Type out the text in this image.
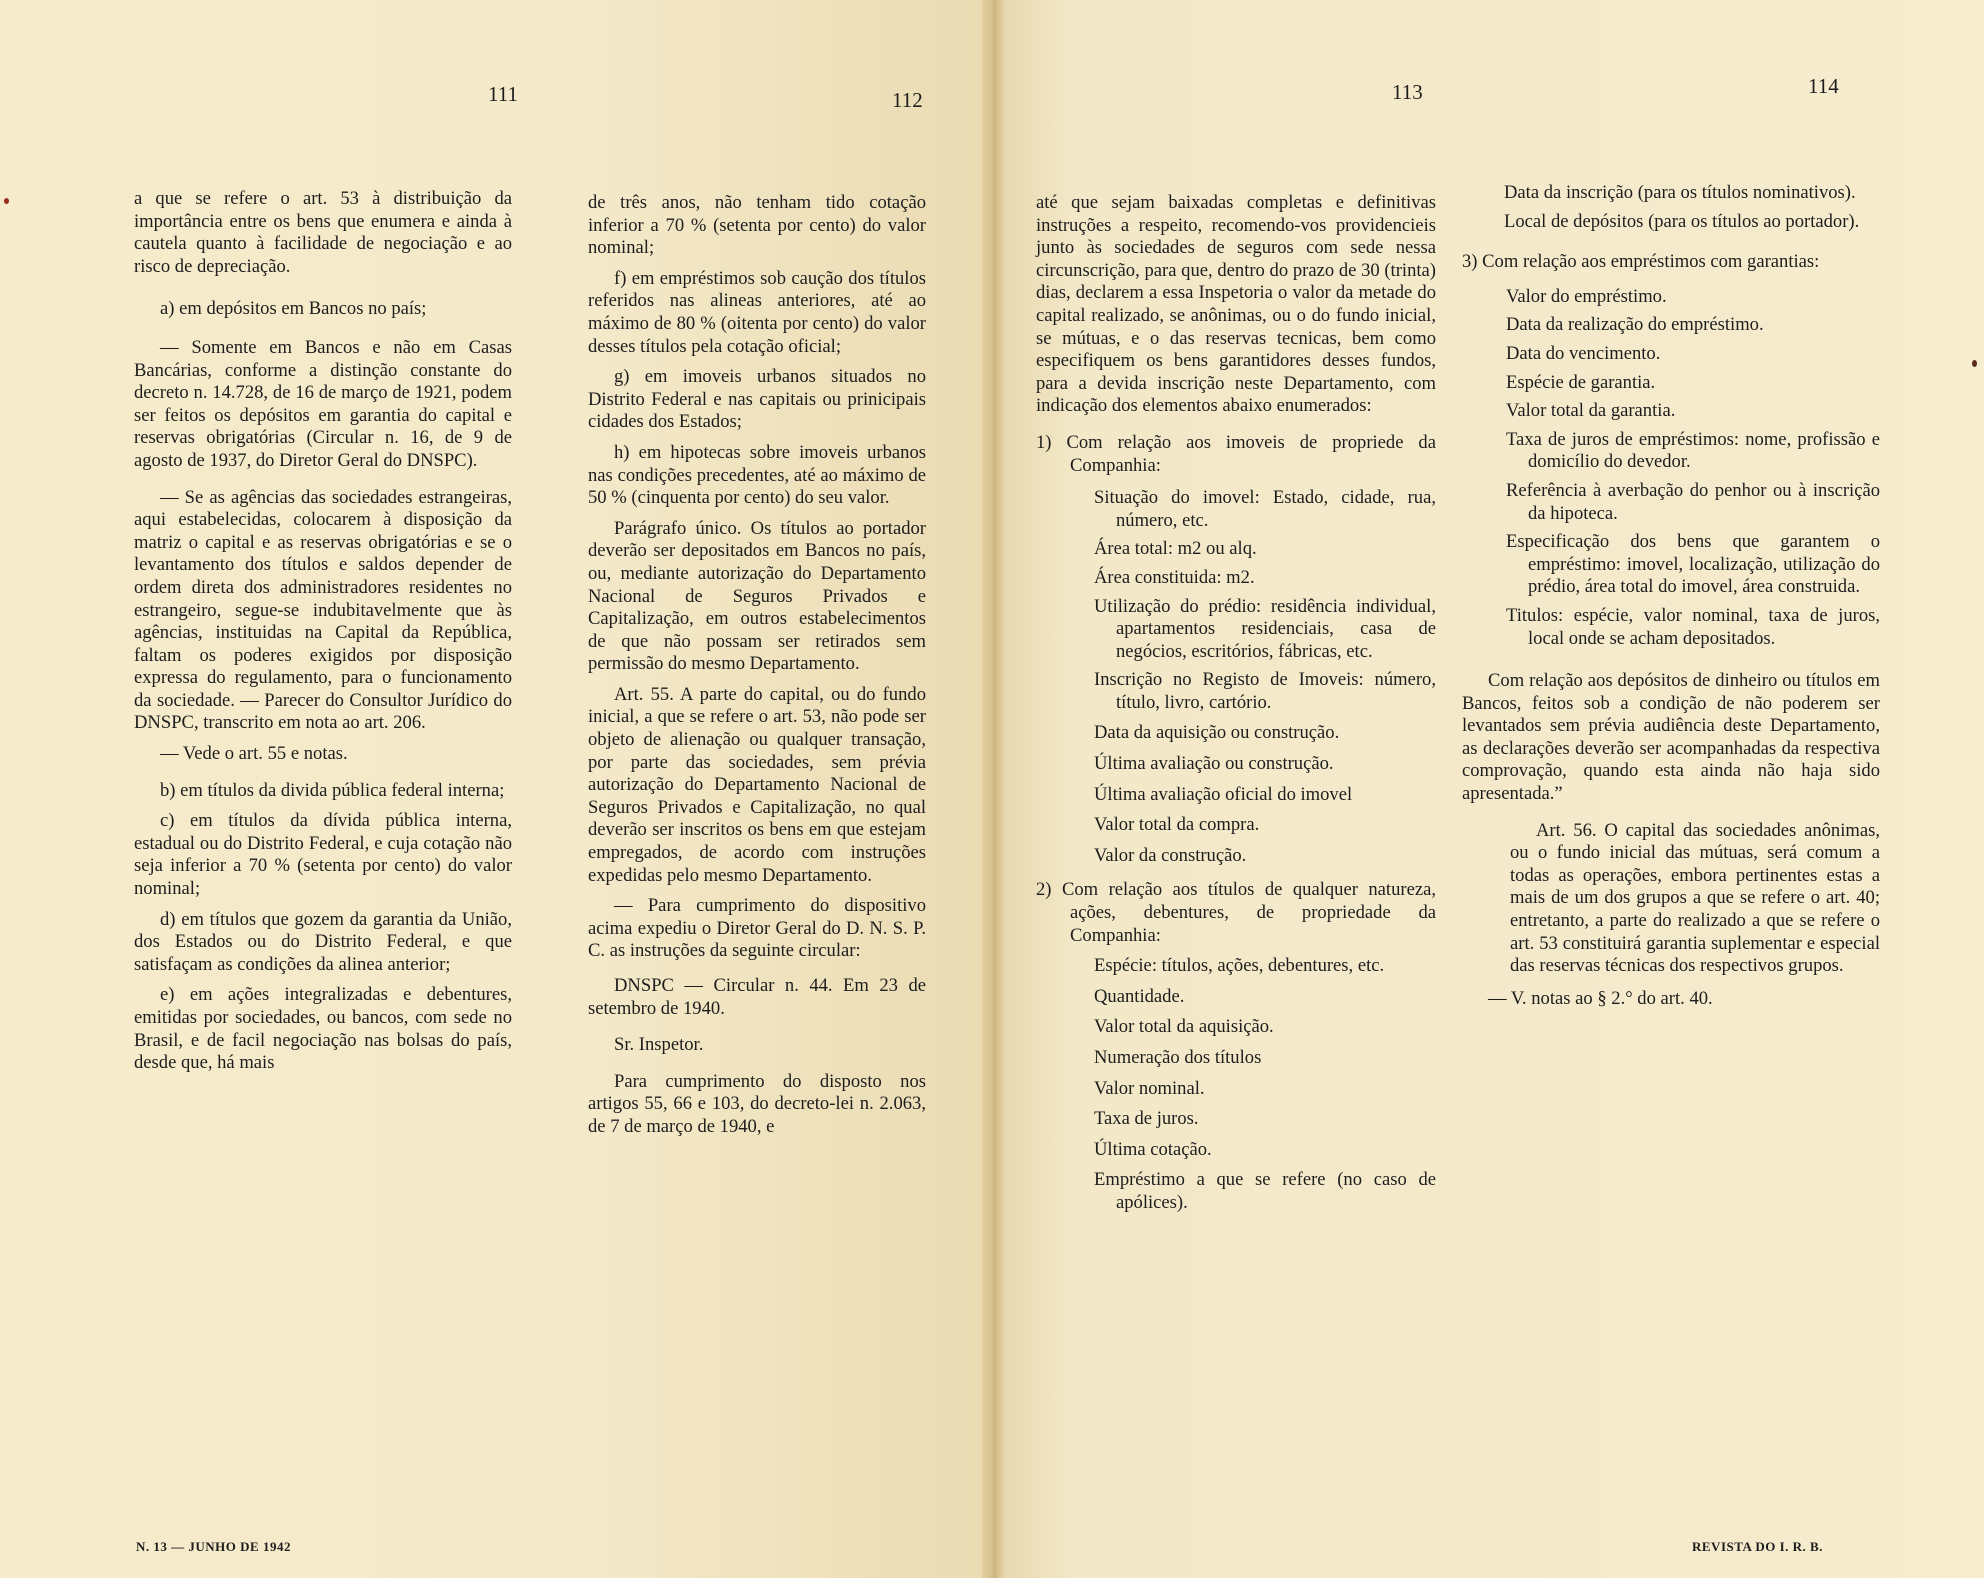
111	112	113	114

a que se refere o art. 53 à distribuição da importância entre os bens que enumera e ainda à cautela quanto à facilidade de negociação e ao risco de depreciação.

a) em depósitos em Bancos no país;

— Somente em Bancos e não em Casas Bancárias, conforme a distinção constante do decreto n. 14.728, de 16 de março de 1921, podem ser feitos os depósitos em garantia do capital e reservas obrigatórias (Circular n. 16, de 9 de agosto de 1937, do Diretor Geral do DNSPC).

— Se as agências das sociedades estrangeiras, aqui estabelecidas, colocarem à disposição da matriz o capital e as reservas obrigatórias e se o levantamento dos títulos e saldos depender de ordem direta dos administradores residentes no estrangeiro, segue-se indubitavelmente que às agências, instituidas na Capital da República, faltam os poderes exigidos por disposição expressa do regulamento, para o funcionamento da sociedade. — Parecer do Consultor Jurídico do DNSPC, transcrito em nota ao art. 206.

— Vede o art. 55 e notas.

b) em títulos da divida pública federal interna;

c) em títulos da dívida pública interna, estadual ou do Distrito Federal, e cuja cotação não seja inferior a 70 % (setenta por cento) do valor nominal;

d) em títulos que gozem da garantia da União, dos Estados ou do Distrito Federal, e que satisfaçam as condições da alinea anterior;

e) em ações integralizadas e debentures, emitidas por sociedades, ou bancos, com sede no Brasil, e de facil negociação nas bolsas do país, desde que, há mais

de três anos, não tenham tido cotação inferior a 70 % (setenta por cento) do valor nominal;

f) em empréstimos sob caução dos títulos referidos nas alineas anteriores, até ao máximo de 80 % (oitenta por cento) do valor desses títulos pela cotação oficial;

g) em imoveis urbanos situados no Distrito Federal e nas capitais ou prinicipais cidades dos Estados;

h) em hipotecas sobre imoveis urbanos nas condições precedentes, até ao máximo de 50 % (cinquenta por cento) do seu valor.

Parágrafo único. Os títulos ao portador deverão ser depositados em Bancos no país, ou, mediante autorização do Departamento Nacional de Seguros Privados e Capitalização, em outros estabelecimentos de que não possam ser retirados sem permissão do mesmo Departamento.

Art. 55. A parte do capital, ou do fundo inicial, a que se refere o art. 53, não pode ser objeto de alienação ou qualquer transação, por parte das sociedades, sem prévia autorização do Departamento Nacional de Seguros Privados e Capitalização, no qual deverão ser inscritos os bens em que estejam empregados, de acordo com instruções expedidas pelo mesmo Departamento.

— Para cumprimento do dispositivo acima expediu o Diretor Geral do D. N. S. P. C. as instruções da seguinte circular:

DNSPC — Circular n. 44. Em 23 de setembro de 1940.

Sr. Inspetor.

Para cumprimento do disposto nos artigos 55, 66 e 103, do decreto-lei n. 2.063, de 7 de março de 1940, e

até que sejam baixadas completas e definitivas instruções a respeito, recomendo-vos providencieis junto às sociedades de seguros com sede nessa circunscrição, para que, dentro do prazo de 30 (trinta) dias, declarem a essa Inspetoria o valor da metade do capital realizado, se anônimas, ou o do fundo inicial, se mútuas, e o das reservas tecnicas, bem como especifiquem os bens garantidores desses fundos, para a devida inscrição neste Departamento, com indicação dos elementos abaixo enumerados:

1) Com relação aos imoveis de propriede da Companhia:

Situação do imovel: Estado, cidade, rua, número, etc.

Área total: m2 ou alq.

Área constituida: m2.

Utilização do prédio: residência individual, apartamentos residenciais, casa de negócios, escritórios, fábricas, etc.

Inscrição no Registo de Imoveis: número, título, livro, cartório.

Data da aquisição ou construção.

Última avaliação ou construção.

Última avaliação oficial do imovel

Valor total da compra.

Valor da construção.

2) Com relação aos títulos de qualquer natureza, ações, debentures, de propriedade da Companhia:

Espécie: títulos, ações, debentures, etc.

Quantidade.

Valor total da aquisição.

Numeração dos títulos

Valor nominal.

Taxa de juros.

Última cotação.

Empréstimo a que se refere (no caso de apólices).

Data da inscrição (para os títulos nominativos).

Local de depósitos (para os títulos ao portador).

3) Com relação aos empréstimos com garantias:

Valor do empréstimo.

Data da realização do empréstimo.

Data do vencimento.

Espécie de garantia.

Valor total da garantia.

Taxa de juros de empréstimos: nome, profissão e domicílio do devedor.

Referência à averbação do penhor ou à inscrição da hipoteca.

Especificação dos bens que garantem o empréstimo: imovel, localização, utilização do prédio, área total do imovel, área construida.

Titulos: espécie, valor nominal, taxa de juros, local onde se acham depositados.

Com relação aos depósitos de dinheiro ou títulos em Bancos, feitos sob a condição de não poderem ser levantados sem prévia audiência deste Departamento, as declarações deverão ser acompanhadas da respectiva comprovação, quando esta ainda não haja sido apresentada.”

Art. 56. O capital das sociedades anônimas, ou o fundo inicial das mútuas, será comum a todas as operações, embora pertinentes estas a mais de um dos grupos a que se refere o art. 40; entretanto, a parte do realizado a que se refere o art. 53 constituirá garantia suplementar e especial das reservas técnicas dos respectivos grupos.

— V. notas ao § 2.° do art. 40.

N. 13 — JUNHO DE 1942	REVISTA DO I. R. B.
